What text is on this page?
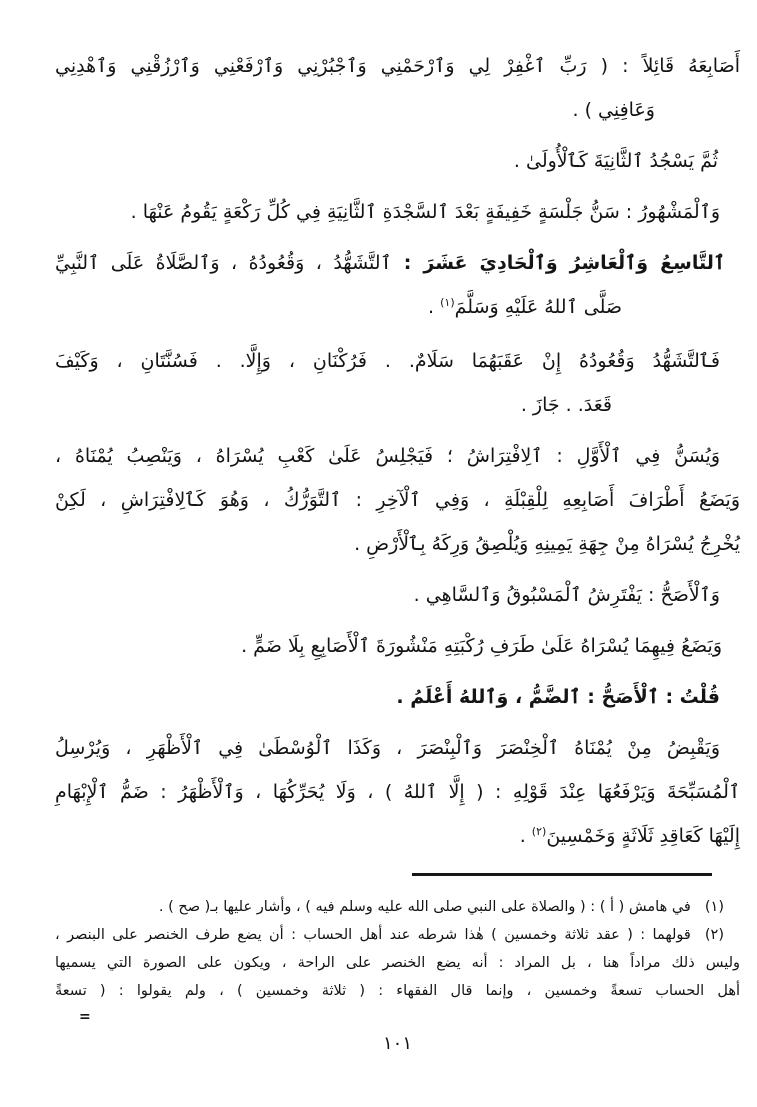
أَصَابِعَهُ قَائِلاً : ( رَبِّ ٱغْفِرْ لِي وَٱرْحَمْنِي وَٱجْبُرْنِي وَٱرْفَعْنِي وَٱرْزُقْنِي وَٱهْدِنِي
وَعَافِنِي ) .

ثُمَّ يَسْجُدُ ٱلثَّانِيَةَ كَٱلْأُولَىٰ .

وَٱلْمَشْهُورُ : سَنُّ جَلْسَةٍ خَفِيفَةٍ بَعْدَ ٱلسَّجْدَةِ ٱلثَّانِيَةِ فِي كُلِّ رَكْعَةٍ يَقُومُ عَنْهَا .

ٱلتَّاسِعُ وَٱلْعَاشِرُ وَٱلْحَادِيَ عَشَرَ : ٱلتَّشَهُّدُ ، وَقُعُودُهُ ، وَٱلصَّلَاةُ عَلَى ٱلنَّبِيِّ
صَلَّى ٱللهُ عَلَيْهِ وَسَلَّمَ$^{(١)}$ .

فَٱلتَّشَهُّدُ وَقُعُودُهُ إِنْ عَقَبَهُمَا سَلَامٌ. . فَرُكْنَانِ ، وَإِلَّا. . فَسُنَّتَانِ ، وَكَيْفَ
قَعَدَ. . جَازَ .

وَيُسَنُّ فِي ٱلْأَوَّلِ : ٱلِافْتِرَاشُ ؛ فَيَجْلِسُ عَلَىٰ كَعْبِ يُسْرَاهُ ، وَيَنْصِبُ يُمْنَاهُ ،
وَيَضَعُ أَطْرَافَ أَصَابِعِهِ لِلْقِبْلَةِ ، وَفِي ٱلْآخِرِ : ٱلتَّوَرُّكُ ، وَهُوَ كَٱلِافْتِرَاشِ ، لَكِنْ
يُخْرِجُ يُسْرَاهُ مِنْ جِهَةِ يَمِينِهِ وَيُلْصِقُ وَرِكَهُ بِٱلْأَرْضِ .

وَٱلْأَصَحُّ : يَفْتَرِشُ ٱلْمَسْبُوقُ وَٱلسَّاهِي .

وَيَضَعُ فِيهِمَا يُسْرَاهُ عَلَىٰ طَرَفِ رُكْبَتِهِ مَنْشُورَةَ ٱلْأَصَابِعِ بِلَا ضَمٍّ .

قُلْتُ : ٱلْأَصَحُّ : ٱلضَّمُّ ، وَٱللهُ أَعْلَمُ .

وَيَقْبِضُ مِنْ يُمْنَاهُ ٱلْخِنْصَرَ وَٱلْبِنْصَرَ ، وَكَذَا ٱلْوُسْطَىٰ فِي ٱلْأَظْهَرِ ، وَيُرْسِلُ
ٱلْمُسَبِّحَةَ وَيَرْفَعُهَا عِنْدَ قَوْلِهِ : ( إِلَّا ٱللهُ ) ، وَلَا يُحَرِّكُهَا ، وَٱلْأَظْهَرُ : ضَمُّ ٱلْإِبْهَامِ
إِلَيْهَا كَعَاقِدِ ثَلَاثَةٍ وَخَمْسِينَ$^{(٢)}$ .

(١)في هامش ( أ ) : ( والصلاة على النبي صلى الله عليه وسلم فيه ) ، وأشار عليها بـ( صح ) .
(٢)قولهما : ( عقد ثلاثة وخمسين ) هٰذا شرطه عند أهل الحساب : أن يضع طرف الخنصر على البنصر ،
وليس ذلك مراداً هنا ، بل المراد : أنه يضع الخنصر على الراحة ، ويكون على الصورة التي يسميها
أهل الحساب تسعةً وخمسين ، وإنما قال الفقهاء : ( ثلاثة وخمسين ) ، ولم يقولوا : ( تسعةً
=
١٠١
